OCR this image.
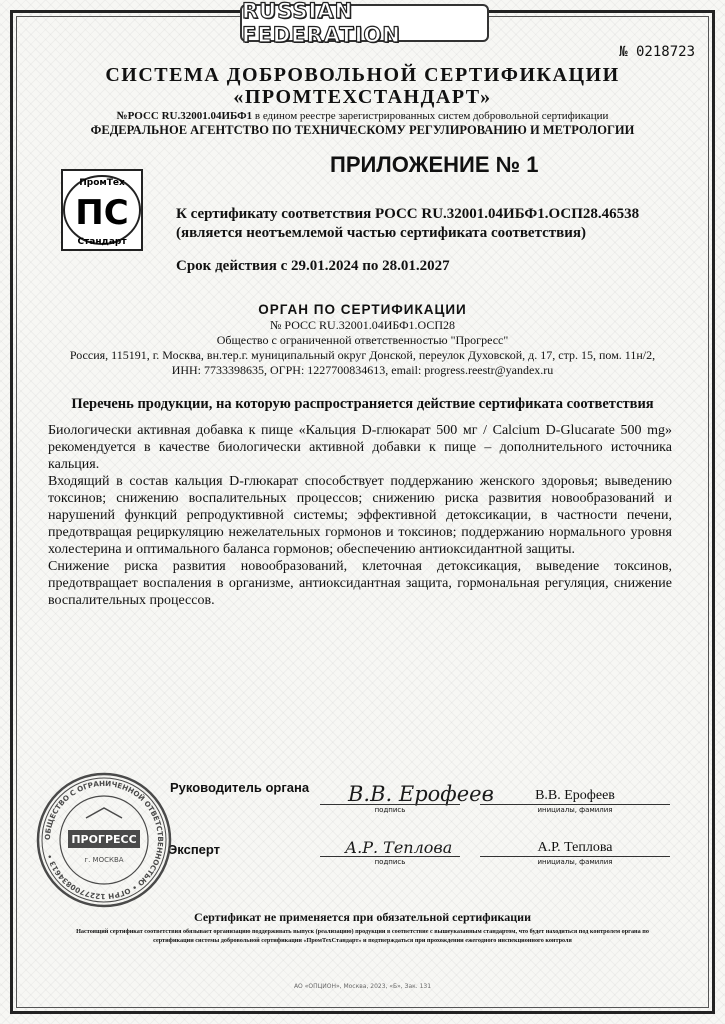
RUSSIAN FEDERATION
№ 0218723
СИСТЕМА ДОБРОВОЛЬНОЙ СЕРТИФИКАЦИИ
«ПРОМТЕХСТАНДАРТ»
№РОСС RU.32001.04ИБФ1 в едином реестре зарегистрированных систем добровольной сертификации
ФЕДЕРАЛЬНОЕ АГЕНТСТВО ПО ТЕХНИЧЕСКОМУ РЕГУЛИРОВАНИЮ И МЕТРОЛОГИИ
ПРИЛОЖЕНИЕ № 1
ПромТех
ПС
Стандарт
К сертификату соответствия РОСС RU.32001.04ИБФ1.ОСП28.46538
(является неотъемлемой частью сертификата соответствия)
Срок действия с 29.01.2024 по 28.01.2027
ОРГАН ПО СЕРТИФИКАЦИИ
№ РОСС RU.32001.04ИБФ1.ОСП28
Общество с ограниченной ответственностью "Прогресс"
Россия, 115191, г. Москва, вн.тер.г. муниципальный округ Донской, переулок Духовской, д. 17, стр. 15, пом. 11н/2,
ИНН: 7733398635, ОГРН: 1227700834613, email: progress.reestr@yandex.ru
Перечень продукции, на которую распространяется действие сертификата соответствия

Биологически активная добавка к пище «Кальция D-глюкарат 500 мг / Calcium D-Glucarate 500 mg» рекомендуется в качестве биологически активной добавки к пище – дополнительного источника кальция.

Входящий в состав кальция D-глюкарат способствует поддержанию женского здоровья; выведению токсинов; снижению воспалительных процессов; снижению риска развития новообразований и нарушений функций репродуктивной системы; эффективной детоксикации, в частности печени, предотвращая рециркуляцию нежелательных гормонов и токсинов; поддержанию нормального уровня холестерина и оптимального баланса гормонов; обеспечению антиоксидантной защиты.

Снижение риска развития новообразований, клеточная детоксикация, выведение токсинов, предотвращает воспаления в организме, антиоксидантная защита, гормональная регуляция, снижение воспалительных процессов.

Руководитель органа В.В. Ерофеев
подпись
В.В. Ерофеев
инициалы, фамилия
Эксперт	А.Р. Теплова
подпись
А.Р. Теплова
инициалы, фамилия
ОБЩЕСТВО С ОГРАНИЧЕННОЙ ОТВЕТСТВЕННОСТЬЮ • ОГРН 1227700834613 •
ПРОГРЕСС
г. МОСКВА
Сертификат не применяется при обязательной сертификации
Настоящий сертификат соответствия обязывает организацию поддерживать выпуск (реализацию) продукции в соответствие с вышеуказанным стандартом, что будет находиться под контролем органа по сертификации системы добровольной сертификации «ПромТехСтандарт» и подтверждаться при прохождении ежегодного инспекционного контроля
АО «ОПЦИОН», Москва, 2023, «Б», Зак. 131
